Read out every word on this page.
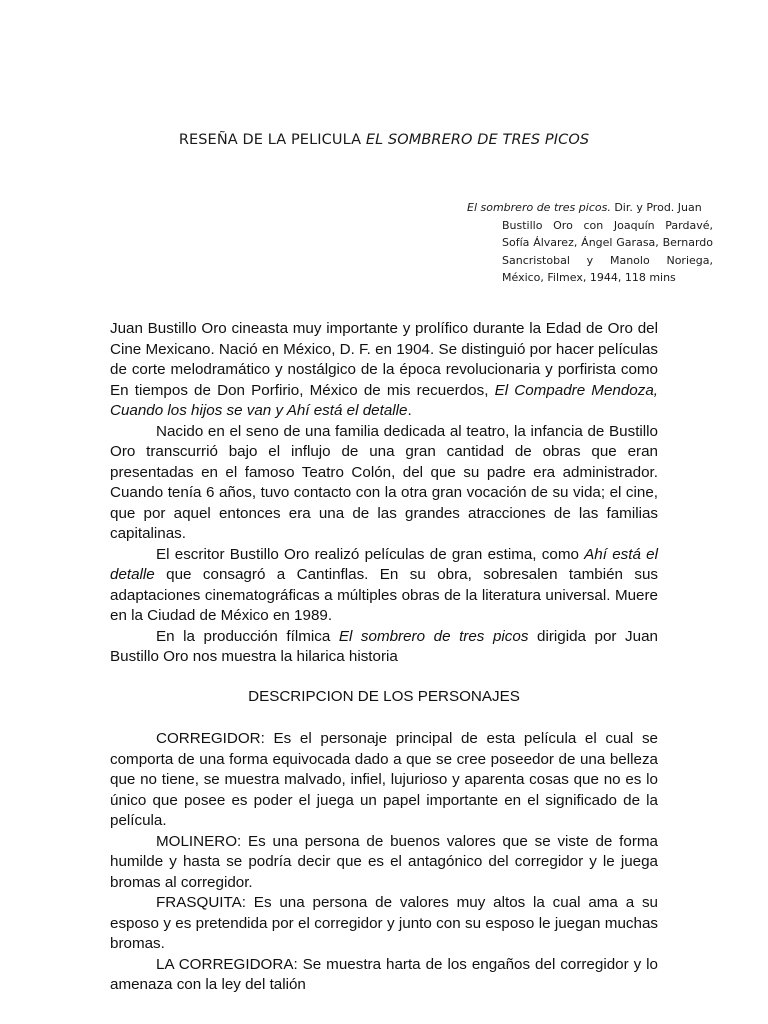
RESEÑA DE LA PELICULA EL SOMBRERO DE TRES PICOS
El sombrero de tres picos. Dir. y Prod. Juan
Bustillo Oro con Joaquín Pardavé, Sofía Álvarez, Ángel Garasa, Bernardo Sancristobal y Manolo Noriega, México, Filmex, 1944, 118 mins

Juan Bustillo Oro cineasta muy importante y prolífico durante la Edad de Oro del Cine Mexicano. Nació en México, D. F. en 1904. Se distinguió por hacer películas de corte melodramático y nostálgico de la época revolucionaria y porfirista como En tiempos de Don Porfirio, México de mis recuerdos, El Compadre Mendoza, Cuando los hijos se van y Ahí está el detalle.

Nacido en el seno de una familia dedicada al teatro, la infancia de Bustillo Oro transcurrió bajo el influjo de una gran cantidad de obras que eran presentadas en el famoso Teatro Colón, del que su padre era administrador. Cuando tenía 6 años, tuvo contacto con la otra gran vocación de su vida; el cine, que por aquel entonces era una de las grandes atracciones de las familias capitalinas.

El escritor Bustillo Oro realizó películas de gran estima, como Ahí está el detalle que consagró a Cantinflas. En su obra, sobresalen también sus adaptaciones cinematográficas a múltiples obras de la literatura universal. Muere en la Ciudad de México en 1989.

En la producción fílmica El sombrero de tres picos dirigida por Juan Bustillo Oro nos muestra la hilarica historia

DESCRIPCION DE LOS PERSONAJES

CORREGIDOR: Es el personaje principal de esta película el cual se comporta de una forma equivocada dado a que se cree poseedor de una belleza que no tiene, se muestra malvado, infiel, lujurioso y aparenta cosas que no es lo único que posee es poder el juega un papel importante en el significado de la película.

MOLINERO: Es una persona de buenos valores que se viste de forma humilde y hasta se podría decir que es el antagónico del corregidor y le juega bromas al corregidor.

FRASQUITA: Es una persona de valores muy altos la cual ama a su esposo y es pretendida por el corregidor y junto con su esposo le juegan muchas bromas.

LA CORREGIDORA: Se muestra harta de los engaños del corregidor y lo amenaza con la ley del talión
